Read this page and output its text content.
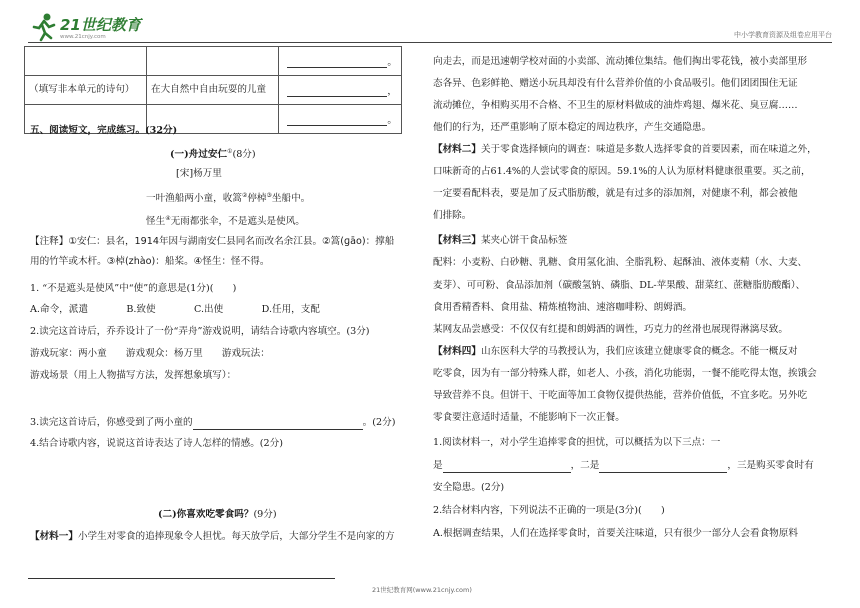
21世纪教育
www.21cnjy.com	中小学教育资源及组卷应用平台
		。
（填写非本单元的诗句）	在大自然中自由玩耍的儿童	，
		。
五、阅读短文，完成练习。(32分)
(一)舟过安仁①(8分)
[宋]杨万里
一叶渔船两小童，收篙②停棹③坐船中。
怪生④无雨都张伞，不是遮头是使风。
【注释】①安仁：县名，1914年因与湖南安仁县同名而改名余江县。②篙(ɡāo)：撑船
用的竹竿或木杆。③棹(zhào)：船桨。④怪生：怪不得。
1. “不是遮头是使风”中“使”的意思是(1分)(　　)
A.命令，派遣　　　　B.致使　　　　C.出使　　　　D.任用，支配
2.读完这首诗后，乔乔设计了一份“弄舟”游戏说明，请结合诗歌内容填空。(3分)
游戏玩家：两小童　　游戏观众：杨万里　　游戏玩法：
游戏场景（用上人物描写方法，发挥想象填写）：
3.读完这首诗后，你感受到了两小童的	。(2分)
4.结合诗歌内容，说说这首诗表达了诗人怎样的情感。(2分)
(二)你喜欢吃零食吗？(9分)
【材料一】小学生对零食的追捧现象令人担忧。每天放学后，大部分学生不是向家的方
向走去，而是迅速朝学校对面的小卖部、流动摊位集结。他们掏出零花钱，被小卖部里形
态各异、色彩鲜艳、赠送小玩具却没有什么营养价值的小食品吸引。他们团团围住无证
流动摊位，争相购买用不合格、不卫生的原材料做成的油炸鸡翅、爆米花、臭豆腐……
他们的行为，还严重影响了原本稳定的周边秩序，产生交通隐患。
【材料二】关于零食选择倾向的调查：味道是多数人选择零食的首要因素，而在味道之外，
口味新奇的占61.4%的人尝试零食的原因。59.1%的人认为原材料健康很重要。买之前，
一定要看配料表，要是加了反式脂肪酸，就是有过多的添加剂，对健康不利，都会被他
们排除。
【材料三】某夹心饼干食品标签
配料：小麦粉、白砂糖、乳糖、食用氢化油、全脂乳粉、起酥油、液体麦精（水、大麦、
麦芽）、可可粉、食品添加剂（碳酸氢钠、磷脂、DL-苹果酸、甜菜红、蔗糖脂肪酸酯）、
食用香精香料、食用盐、精炼植物油、速溶咖啡粉、朗姆酒。
某网友品尝感受：不仅仅有红提和朗姆酒的调性，巧克力的丝滑也展现得淋漓尽致。
【材料四】山东医科大学的马教授认为，我们应该建立健康零食的概念。不能一概反对
吃零食，因为有一部分特殊人群，如老人、小孩，消化功能弱，一餐不能吃得太饱，挨饿会
导致营养不良。但饼干、干吃面等加工食物仅提供热能，营养价值低，不宜多吃。另外吃
零食要注意适时适量，不能影响下一次正餐。
1.阅读材料一，对小学生追捧零食的担忧，可以概括为以下三点：一
是	，二是	，三是购买零食时有
安全隐患。(2分)
2.结合材料内容，下列说法不正确的一项是(3分)(　　)
A.根据调查结果，人们在选择零食时，首要关注味道，只有很少一部分人会看食物原料
21世纪教育网(www.21cnjy.com)
